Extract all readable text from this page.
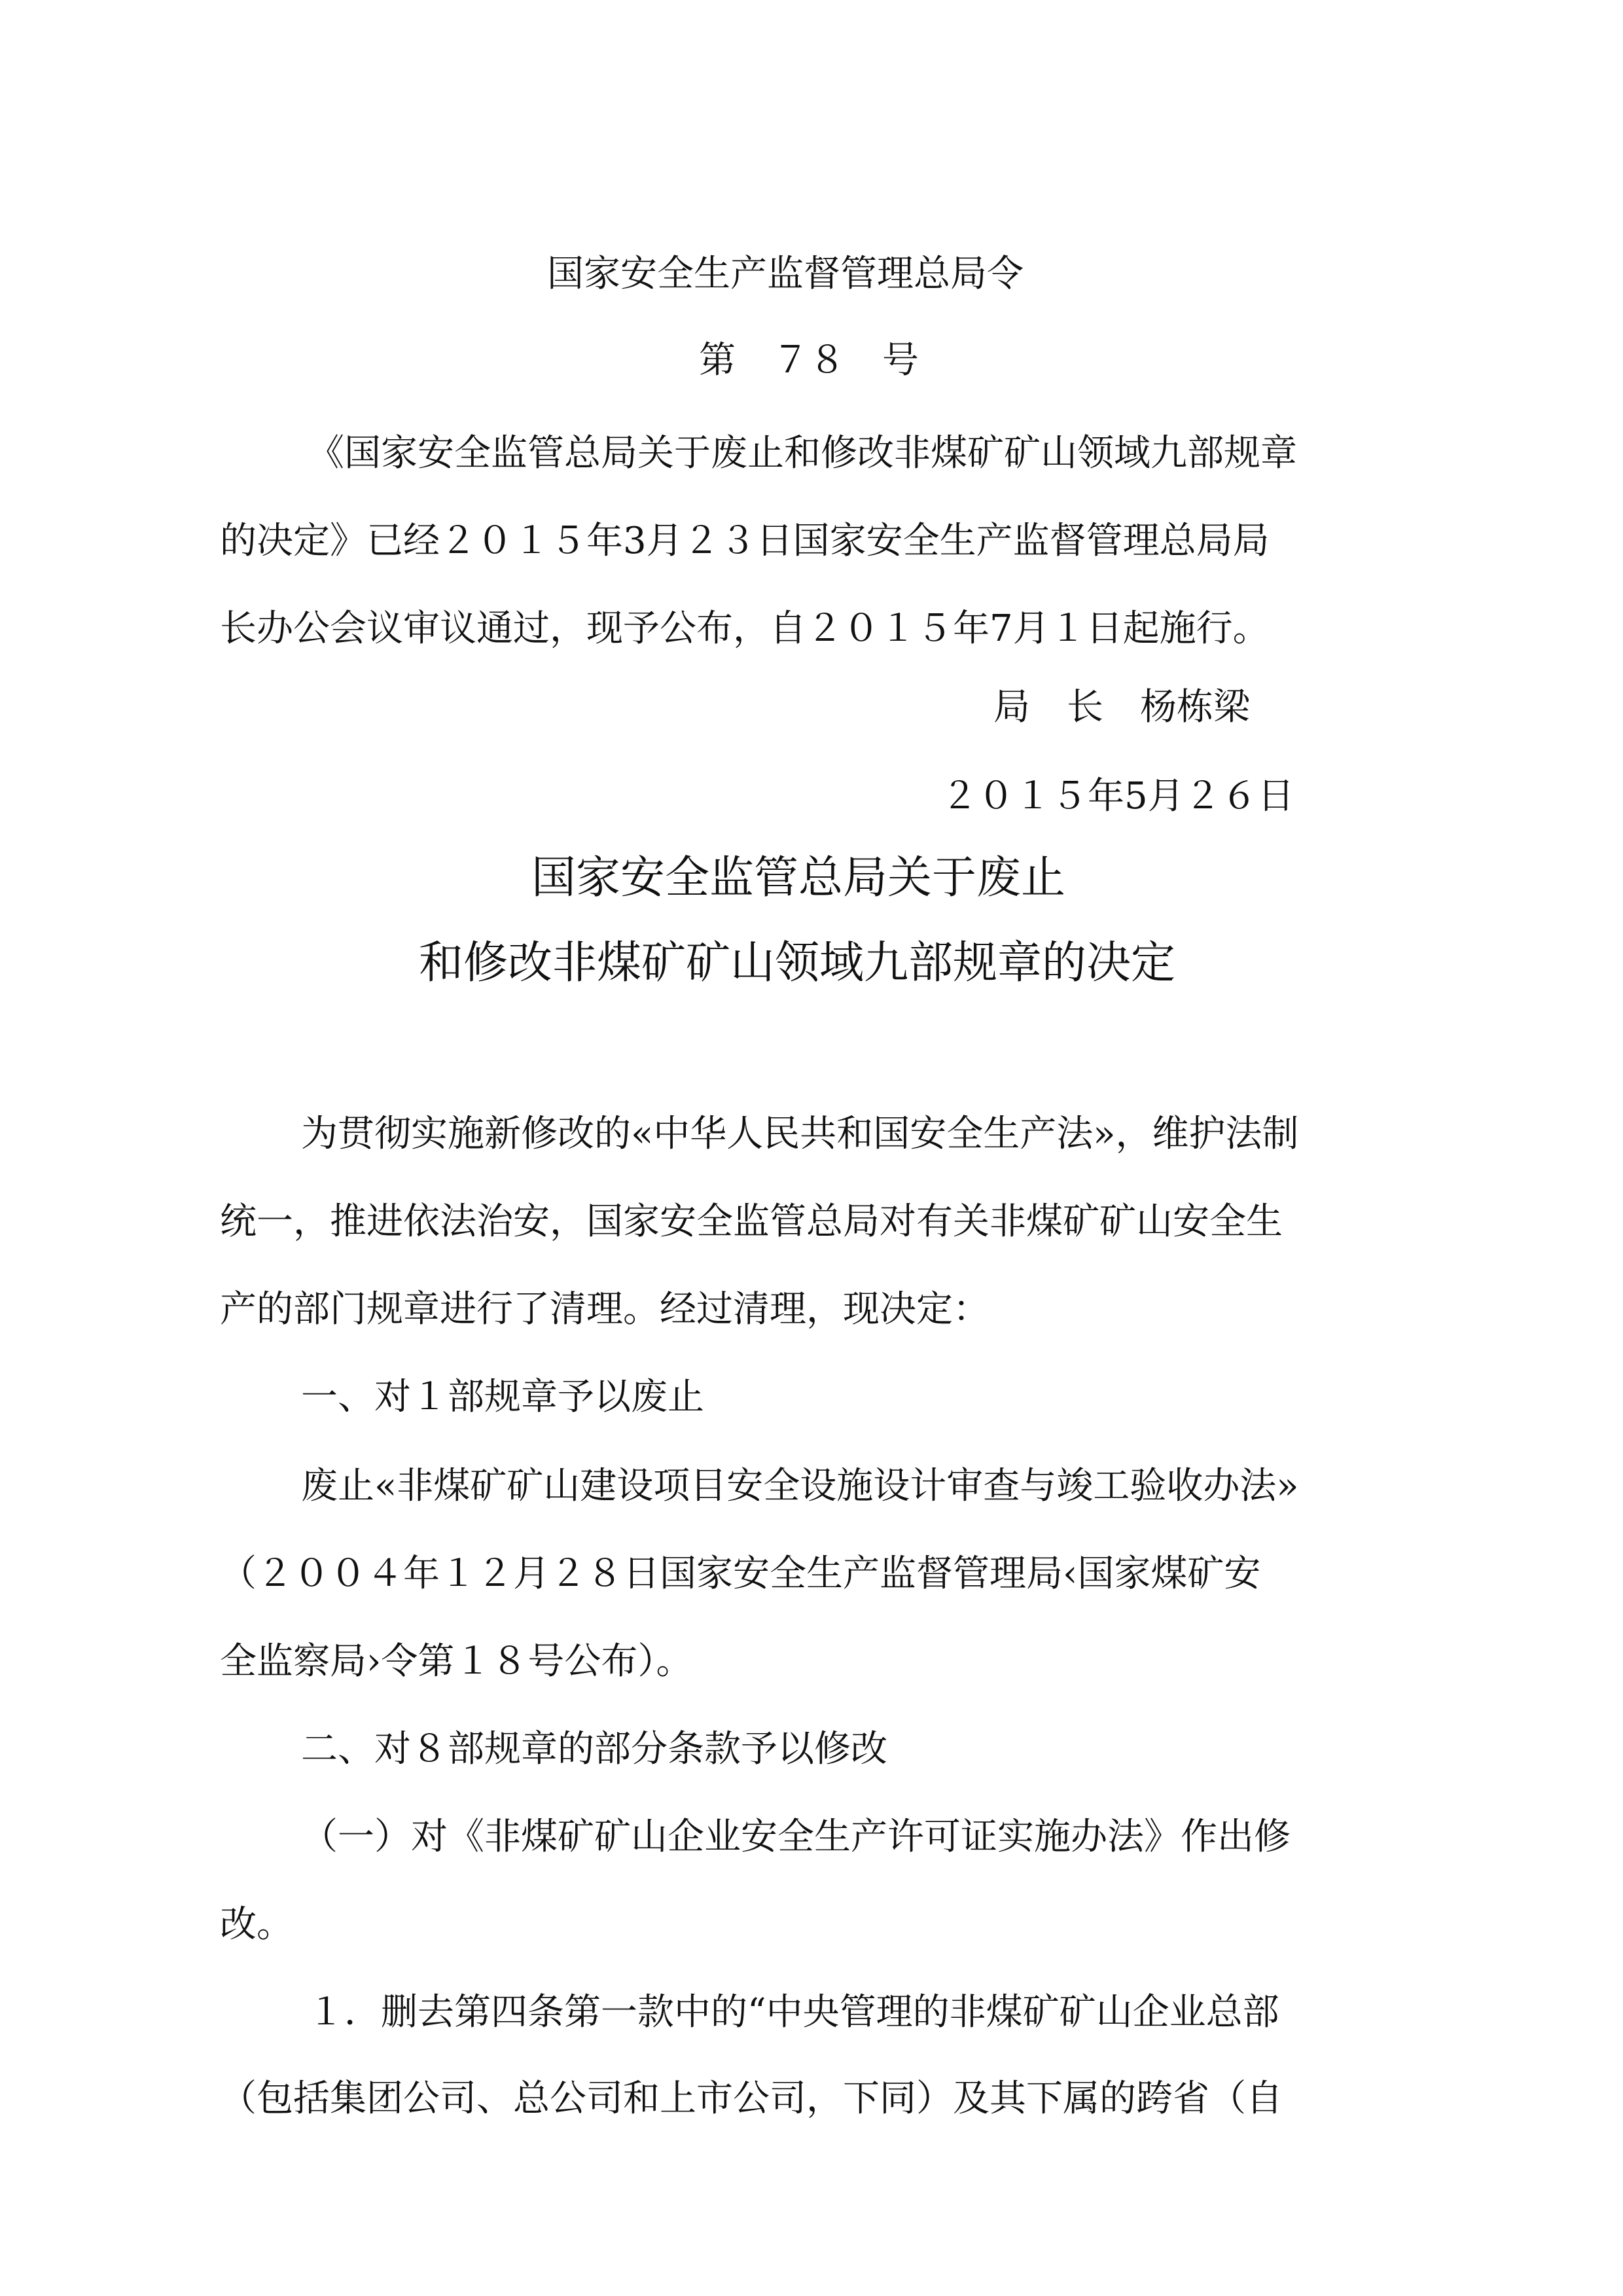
国家安全生产监督管理总局令
第　７８　号
《国家安全监管总局关于废止和修改非煤矿矿山领域九部规章
的决定》已经２０１５年3月２３日国家安全生产监督管理总局局
长办公会议审议通过，现予公布，自２０１５年7月１日起施行。
局　长　杨栋梁
２０１５年5月２６日
国家安全监管总局关于废止
和修改非煤矿矿山领域九部规章的决定
为贯彻实施新修改的«中华人民共和国安全生产法»，维护法制
统一，推进依法治安，国家安全监管总局对有关非煤矿矿山安全生
产的部门规章进行了清理。经过清理，现决定：
一、对１部规章予以废止
废止«非煤矿矿山建设项目安全设施设计审查与竣工验收办法»
（２００４年１２月２８日国家安全生产监督管理局‹国家煤矿安
全监察局›令第１８号公布）。
二、对８部规章的部分条款予以修改
（一）对《非煤矿矿山企业安全生产许可证实施办法》作出修
改。
１．删去第四条第一款中的“中央管理的非煤矿矿山企业总部
（包括集团公司、总公司和上市公司，下同）及其下属的跨省（自
